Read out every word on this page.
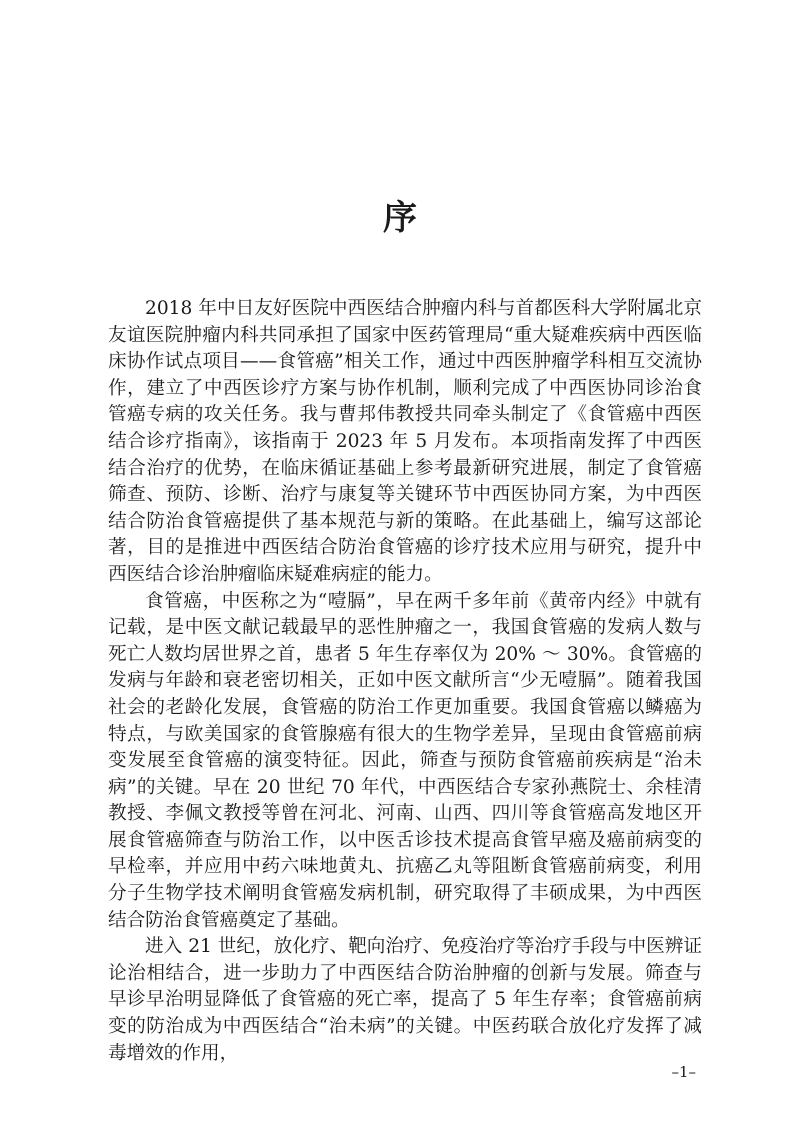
序

2018 年中日友好医院中西医结合肿瘤内科与首都医科大学附属北京友谊医院肿瘤内科共同承担了国家中医药管理局“重大疑难疾病中西医临床协作试点项目——食管癌”相关工作，通过中西医肿瘤学科相互交流协作，建立了中西医诊疗方案与协作机制，顺利完成了中西医协同诊治食管癌专病的攻关任务。我与曹邦伟教授共同牵头制定了《食管癌中西医结合诊疗指南》，该指南于 2023 年 5 月发布。本项指南发挥了中西医结合治疗的优势，在临床循证基础上参考最新研究进展，制定了食管癌筛查、预防、诊断、治疗与康复等关键环节中西医协同方案，为中西医结合防治食管癌提供了基本规范与新的策略。在此基础上，编写这部论著，目的是推进中西医结合防治食管癌的诊疗技术应用与研究，提升中西医结合诊治肿瘤临床疑难病症的能力。

食管癌，中医称之为“噎膈”，早在两千多年前《黄帝内经》中就有记载，是中医文献记载最早的恶性肿瘤之一，我国食管癌的发病人数与死亡人数均居世界之首，患者 5 年生存率仅为 20% ～ 30%。食管癌的发病与年龄和衰老密切相关，正如中医文献所言“少无噎膈”。随着我国社会的老龄化发展，食管癌的防治工作更加重要。我国食管癌以鳞癌为特点，与欧美国家的食管腺癌有很大的生物学差异，呈现由食管癌前病变发展至食管癌的演变特征。因此，筛查与预防食管癌前疾病是“治未病”的关键。早在 20 世纪 70 年代，中西医结合专家孙燕院士、余桂清教授、李佩文教授等曾在河北、河南、山西、四川等食管癌高发地区开展食管癌筛查与防治工作，以中医舌诊技术提高食管早癌及癌前病变的早检率，并应用中药六味地黄丸、抗癌乙丸等阻断食管癌前病变，利用分子生物学技术阐明食管癌发病机制，研究取得了丰硕成果，为中西医结合防治食管癌奠定了基础。

进入 21 世纪，放化疗、靶向治疗、免疫治疗等治疗手段与中医辨证论治相结合，进一步助力了中西医结合防治肿瘤的创新与发展。筛查与早诊早治明显降低了食管癌的死亡率，提高了 5 年生存率；食管癌前病变的防治成为中西医结合“治未病”的关键。中医药联合放化疗发挥了减毒增效的作用，

–1–
